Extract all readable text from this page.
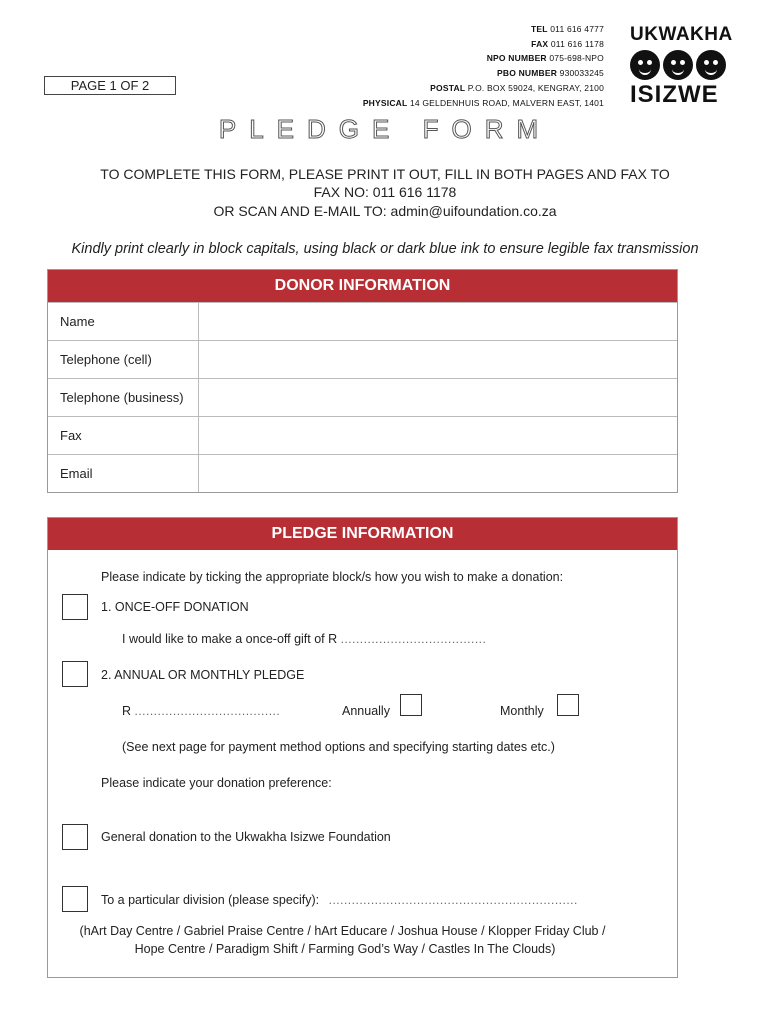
PAGE 1 OF 2
TEL 011 616 4777
FAX 011 616 1178
NPO NUMBER 075-698-NPO
PBO NUMBER 930033245
POSTAL P.O. BOX 59024, KENGRAY, 2100
PHYSICAL 14 GELDENHUIS ROAD, MALVERN EAST, 1401
UKWAKHA
ISIZWE
PLEDGE FORM
TO COMPLETE THIS FORM, PLEASE PRINT IT OUT, FILL IN BOTH PAGES AND FAX TO
FAX NO: 011 616 1178
OR SCAN AND E-MAIL TO: admin@uifoundation.co.za
Kindly print clearly in block capitals, using black or dark blue ink to ensure legible fax transmission
DONOR INFORMATION
Name	
Telephone (cell)	
Telephone (business)	
Fax	
Email	
PLEDGE INFORMATION
Please indicate by ticking the appropriate block/s how you wish to make a donation:
1. ONCE-OFF DONATION
I would like to make a once-off gift of R ......................................
2. ANNUAL OR MONTHLY PLEDGE
R ......................................	Annually	Monthly
(See next page for payment method options and specifying starting dates etc.)
Please indicate your donation preference:
General donation to the Ukwakha Isizwe Foundation
To a particular division (please specify): .................................................................
(hArt Day Centre / Gabriel Praise Centre / hArt Educare / Joshua House / Klopper Friday Club /
Hope Centre / Paradigm Shift / Farming God’s Way / Castles In The Clouds)
